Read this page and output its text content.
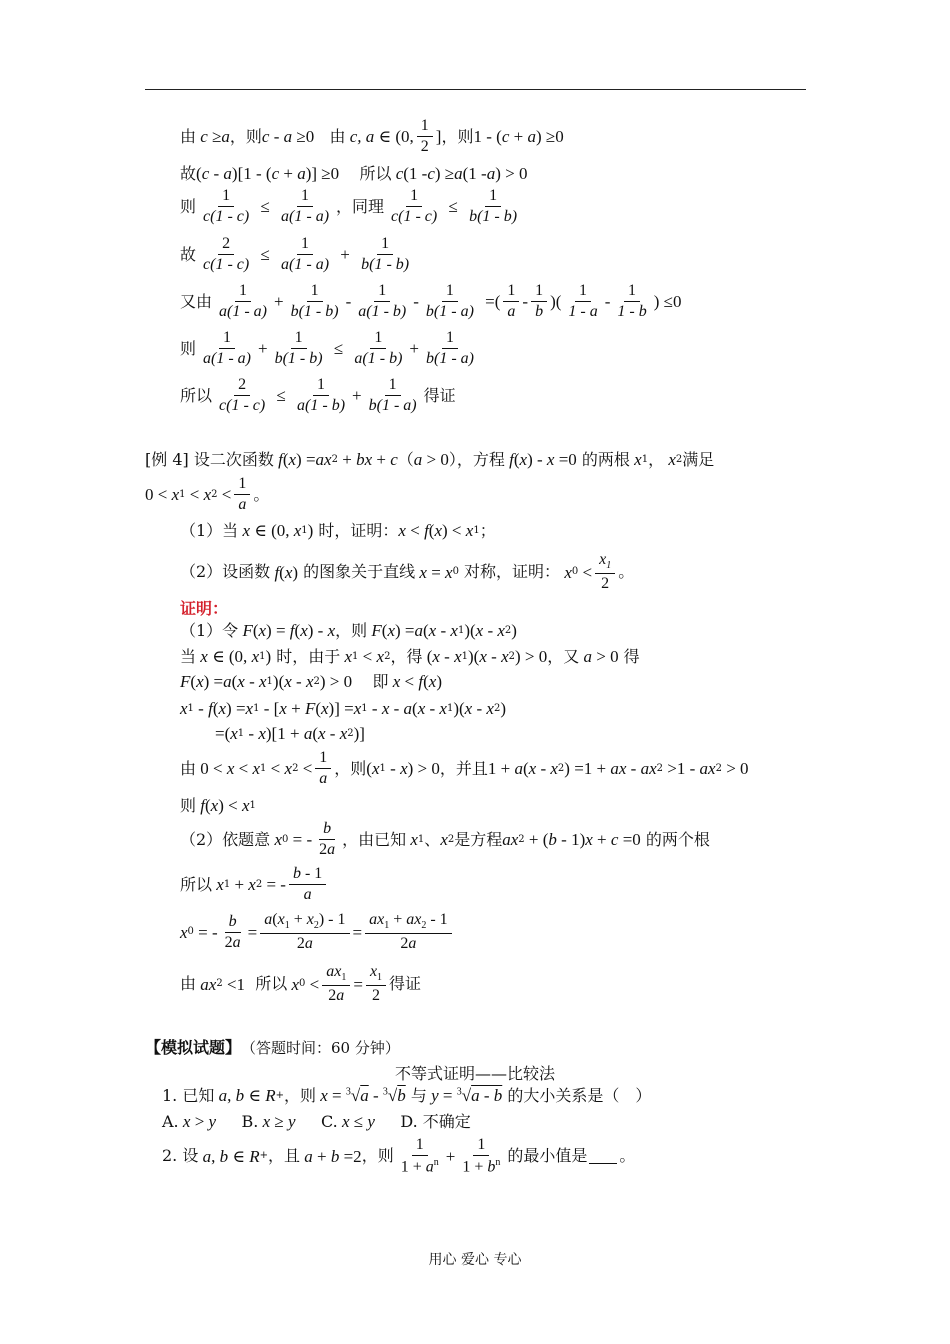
由 c ≥ a ，则 c - a ≥0 由 c, a ∈ (0,
1
2
] ，则 1 - ( c + a ) ≥0
故 ( c - a )[1 - ( c + a )] ≥0 所以 c (1 - c ) ≥ a (1 - a ) > 0
则 $\frac{1}{c(1 - c)} \le \frac{1}{a(1 - a)}$ ，同理 $\frac{1}{c(1 - c)} \le \frac{1}{b(1 - b)}$
故 $\frac{2}{c(1 - c)} \le \frac{1}{a(1 - a)} + \frac{1}{b(1 - b)}$
又由
1
a(1 - a)
+ $\frac{1}{b(1 - b)}$ -
1
a(1 - b)
- $\frac{1}{b(1 - a)}$ =(
1
a
-
1
b
)(
1
1 - a
-
1
1 - b
) ≤0
则
1
a(1 - a)
+ $\frac{1}{b(1 - b)} \le \frac{1}{a(1 - b)} + \frac{1}{b(1 - a)}$
所以 $\frac{2}{c(1 - c)} \le \frac{1}{a(1 - b)} + \frac{1}{b(1 - a)}$ 得证
[例 4] 设二次函数 f ( x ) = ax 2 + bx + c （ a > 0 ），方程 f ( x ) - x =0 的两根 x 1 ， x 2 满足
0 < x 1 < x 2 <
1
a
。
（1）当 x ∈ (0, x 1 ) 时，证明： x < f ( x ) < x 1 ；
（2）设函数 f ( x ) 的图象关于直线 x = x 0 对称，证明： x 0 <
$x_1$
2
。
证明：
（1）令 F ( x ) = f ( x ) - x ，则 F ( x ) = a ( x - x 1 )( x - x 2 )
当 x ∈ (0, x 1 ) 时，由于 x 1 < x 2 ，得 ( x - x 1 )( x - x 2 ) > 0 ，又 a > 0 得
F ( x ) = a ( x - x 1 )( x - x 2 ) > 0 即 x < f ( x )
x 1 - f ( x ) = x 1 - [ x + F ( x )] = x 1 - x - a ( x - x 1 )( x - x 2 )
=( x 1 - x )[1 + a ( x - x 2 )]
由 0 < x < x 1 < x 2 <
1
a
，则 ( x 1 - x ) > 0 ，并且 1 + a ( x - x 2 ) =1 + ax - ax 2 >1 - ax 2 > 0
则 f ( x ) < x 1
（2）依题意 x 0 = -
b
2a
，由已知 x 1 、 x 2 是方程 ax 2 + ( b - 1) x + c =0 的两个根
所以 x 1 + x 2 = -
b - 1
a
x 0 = - $\frac{b}{2a} = \frac{a(x_1 + x_2) - 1}{2a} = \frac{ax_1 + ax_2 - 1}{2a}$
由 ax 2 <1 所以 x $0 < \frac{ax_1}{2a} = \frac{x_1}{2}$ 得证
【模拟试题】 （答题时间：60 分钟）
不等式证明——比较法
1. 已知 a , b ∈ R + ，则 x = $^3$√ a - $^3$√ b 与 y = $^3$√ a - b 的大小关系是（　）
A. x > y
B. x ≥ y
C. x ≤ y
D. 不确定
2. 设 a , b ∈ R + ，且 a + b =2 ，则
1
$1 + a^n + \frac{1}{1 + b^n}$ 的最小值是 。
用心 爱心 专心
